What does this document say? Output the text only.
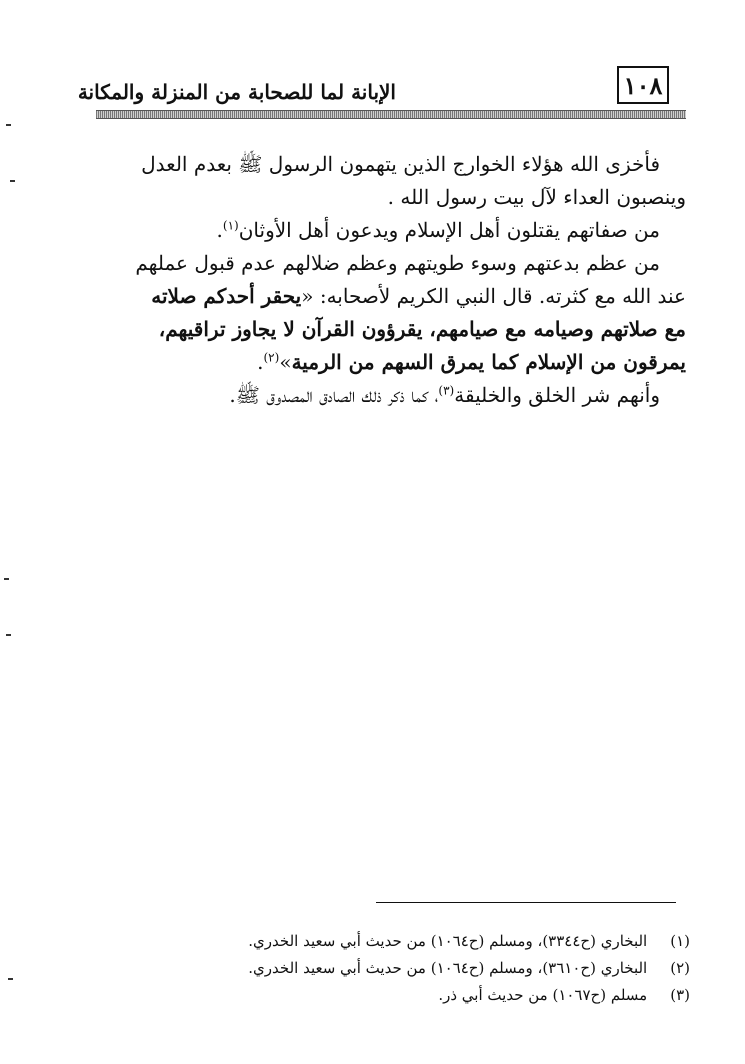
١٠٨
الإبانة لما للصحابة من المنزلة والمكانة

فأخزى الله هؤلاء الخوارج الذين يتهمون الرسول ﷺ بعدم العدل

وينصبون العداء لآل بيت رسول الله .

من صفاتهم يقتلون أهل الإسلام ويدعون أهل الأوثان$^{(١)}$.

من عظم بدعتهم وسوء طويتهم وعظم ضلالهم عدم قبول عملهم

عند الله مع كثرته. قال النبي الكريم لأصحابه: «يحقر أحدكم صلاته

مع صلاتهم وصيامه مع صيامهم، يقرؤون القرآن لا يجاوز تراقيهم،

يمرقون من الإسلام كما يمرق السهم من الرمية»$^{(٢)}$.

وأنهم شر الخلق والخليقة$^{(٣)}$، كما ذكر ذلك الصادق المصدوق ﷺ.

(١) البخاري (ح٣٣٤٤)، ومسلم (ح١٠٦٤) من حديث أبي سعيد الخدري.

(٢) البخاري (ح٣٦١٠)، ومسلم (ح١٠٦٤) من حديث أبي سعيد الخدري.

(٣) مسلم (ح١٠٦٧) من حديث أبي ذر.
